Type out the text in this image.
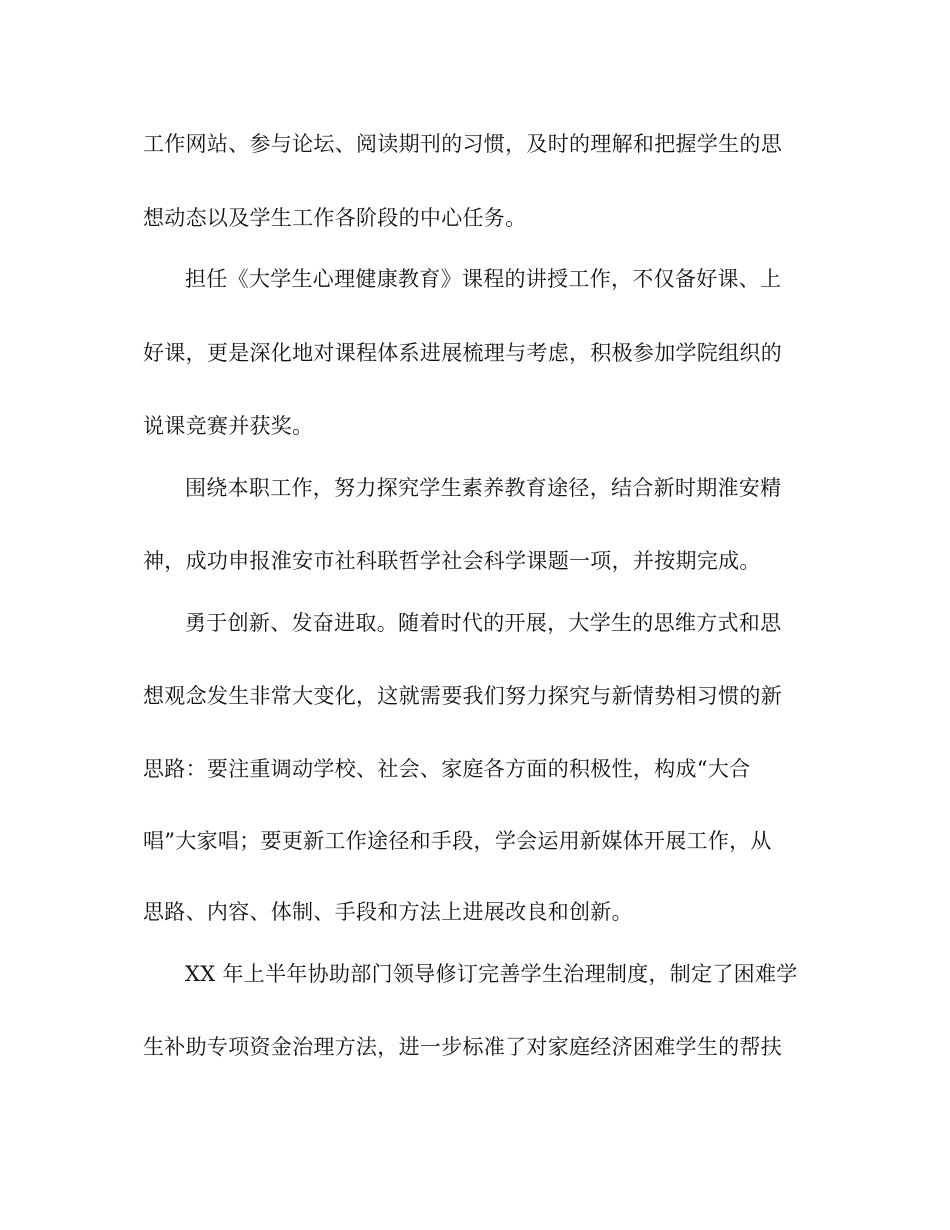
工作网站、参与论坛、阅读期刊的习惯，及时的理解和把握学生的思

想动态以及学生工作各阶段的中心任务。

担任《大学生心理健康教育》课程的讲授工作，不仅备好课、上

好课，更是深化地对课程体系进展梳理与考虑，积极参加学院组织的

说课竞赛并获奖。

围绕本职工作，努力探究学生素养教育途径，结合新时期淮安精

神，成功申报淮安市社科联哲学社会科学课题一项，并按期完成。

勇于创新、发奋进取。随着时代的开展，大学生的思维方式和思

想观念发生非常大变化，这就需要我们努力探究与新情势相习惯的新

思路：要注重调动学校、社会、家庭各方面的积极性，构成“大合

唱”大家唱；要更新工作途径和手段，学会运用新媒体开展工作，从

思路、内容、体制、手段和方法上进展改良和创新。

XX 年上半年协助部门领导修订完善学生治理制度，制定了困难学

生补助专项资金治理方法，进一步标准了对家庭经济困难学生的帮扶
